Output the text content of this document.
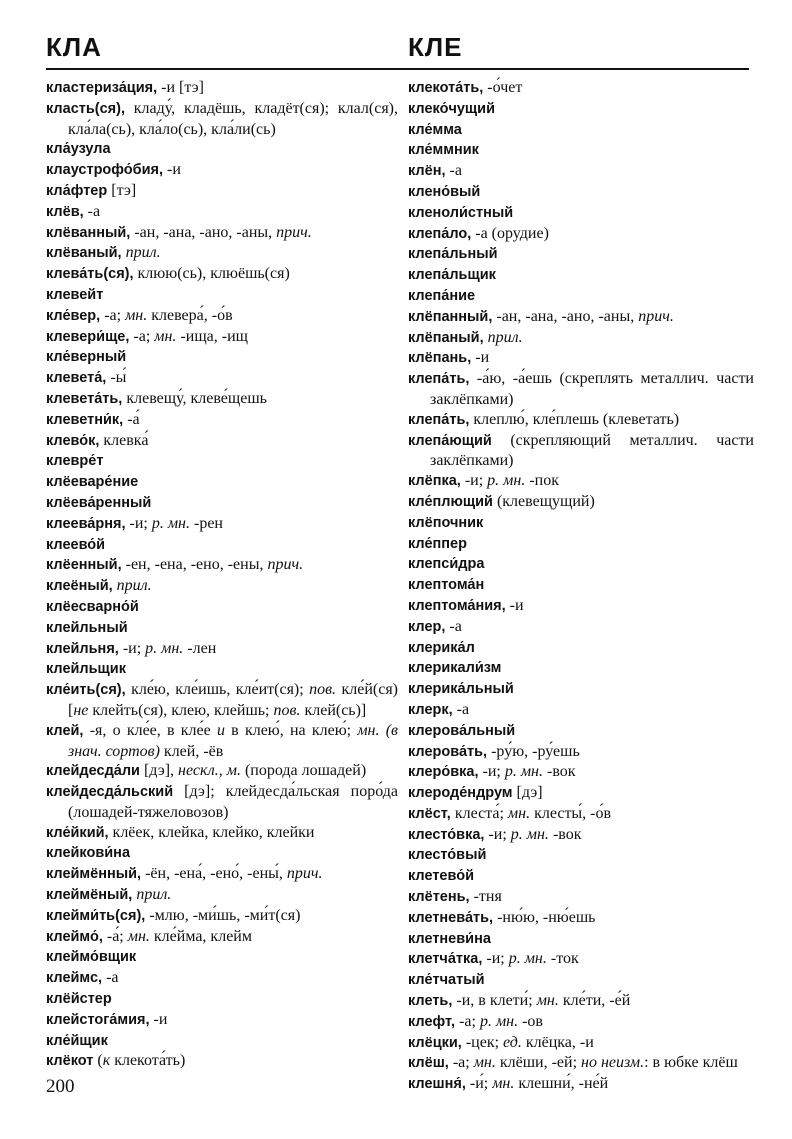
КЛА	КЛЕ
кластериза́ция, -и [тэ]
класть(ся), кладу́, кладёшь, кладёт(ся); клал(ся), кла́ла(сь), кла́ло(сь), кла́ли(сь)
кла́узула
клаустрофо́бия, -и
кла́фтер [тэ]
клёв, -а
клёванный, -ан, -ана, -ано, -аны, прич.
клёваный, прил.
клева́ть(ся), клюю(сь), клюёшь(ся)
клевейт
кле́вер, -а; мн. клевера́, -о́в
клевери́ще, -а; мн. -ища, -ищ
кле́верный
клевета́, -ы́
клевета́ть, клевещу́, клеве́щешь
клеветни́к, -а́
клево́к, клевка́
клевре́т
клёеваре́ние
клёева́ренный
клеева́рня, -и; р. мн. -рен
клеево́й
клёенный, -ен, -ена, -ено, -ены, прич.
клеёный, прил.
клёесварно́й
клейльный
клейльня, -и; р. мн. -лен
клейльщик
кле́ить(ся), кле́ю, кле́ишь, кле́ит(ся); пов. кле́й(ся) [не клейть(ся), клею, клейшь; пов. клей(сь)]
клей, -я, о кле́е, в кле́е и в клею́, на клею́; мн. (в знач. сортов) клей, -ёв
клейдесда́ли [дэ], нескл., м. (порода лошадей)
клейдесда́льский [дэ]; клейдесда́льская поро́да (лошадей-тяжеловозов)
кле́йкий, клёек, клейка, клейко, клейки
клейкови́на
клеймённый, -ён, -ена́, -ено́, -ены́, прич.
клеймёный, прил.
клейми́ть(ся), -млю, -ми́шь, -ми́т(ся)
клеймо́, -а́; мн. кле́йма, клейм
клеймо́вщик
клеймс, -а
клёйстер
клейстога́мия, -и
кле́йщик
клёкот (к клекота́ть)
клекота́ть, -о́чет
клеко́чущий
кле́мма
кле́ммник
клён, -а
клено́вый
кленоли́стный
клепа́ло, -а (орудие)
клепа́льный
клепа́льщик
клепа́ние
клёпанный, -ан, -ана, -ано, -аны, прич.
клёпаный, прил.
клёпань, -и
клепа́ть, -а́ю, -а́ешь (скреплять металлич. части заклёпками)
клепа́ть, клеплю́, кле́плешь (клеветать)
клепа́ющий (скрепляющий металлич. части заклёпками)
клёпка, -и; р. мн. -пок
кле́плющий (клевещущий)
клёпочник
кле́ппер
клепси́дра
клептома́н
клептома́ния, -и
клер, -а
клерика́л
клерикали́зм
клерика́льный
клерк, -а
клерова́льный
клерова́ть, -ру́ю, -ру́ешь
клеро́вка, -и; р. мн. -вок
клероде́ндрум [дэ]
клёст, клеста́; мн. клесты́, -о́в
клесто́вка, -и; р. мн. -вок
клесто́вый
клетево́й
клётень, -тня
клетнева́ть, -ню́ю, -ню́ешь
клетневи́на
клетча́тка, -и; р. мн. -ток
кле́тчатый
клеть, -и, в клети́; мн. кле́ти, -е́й
клефт, -а; р. мн. -ов
клёцки, -цек; ед. клёцка, -и
клёш, -а; мн. клёши, -ей; но неизм.: в юбке клёш
клешня́, -и́; мн. клешни́, -не́й
200
